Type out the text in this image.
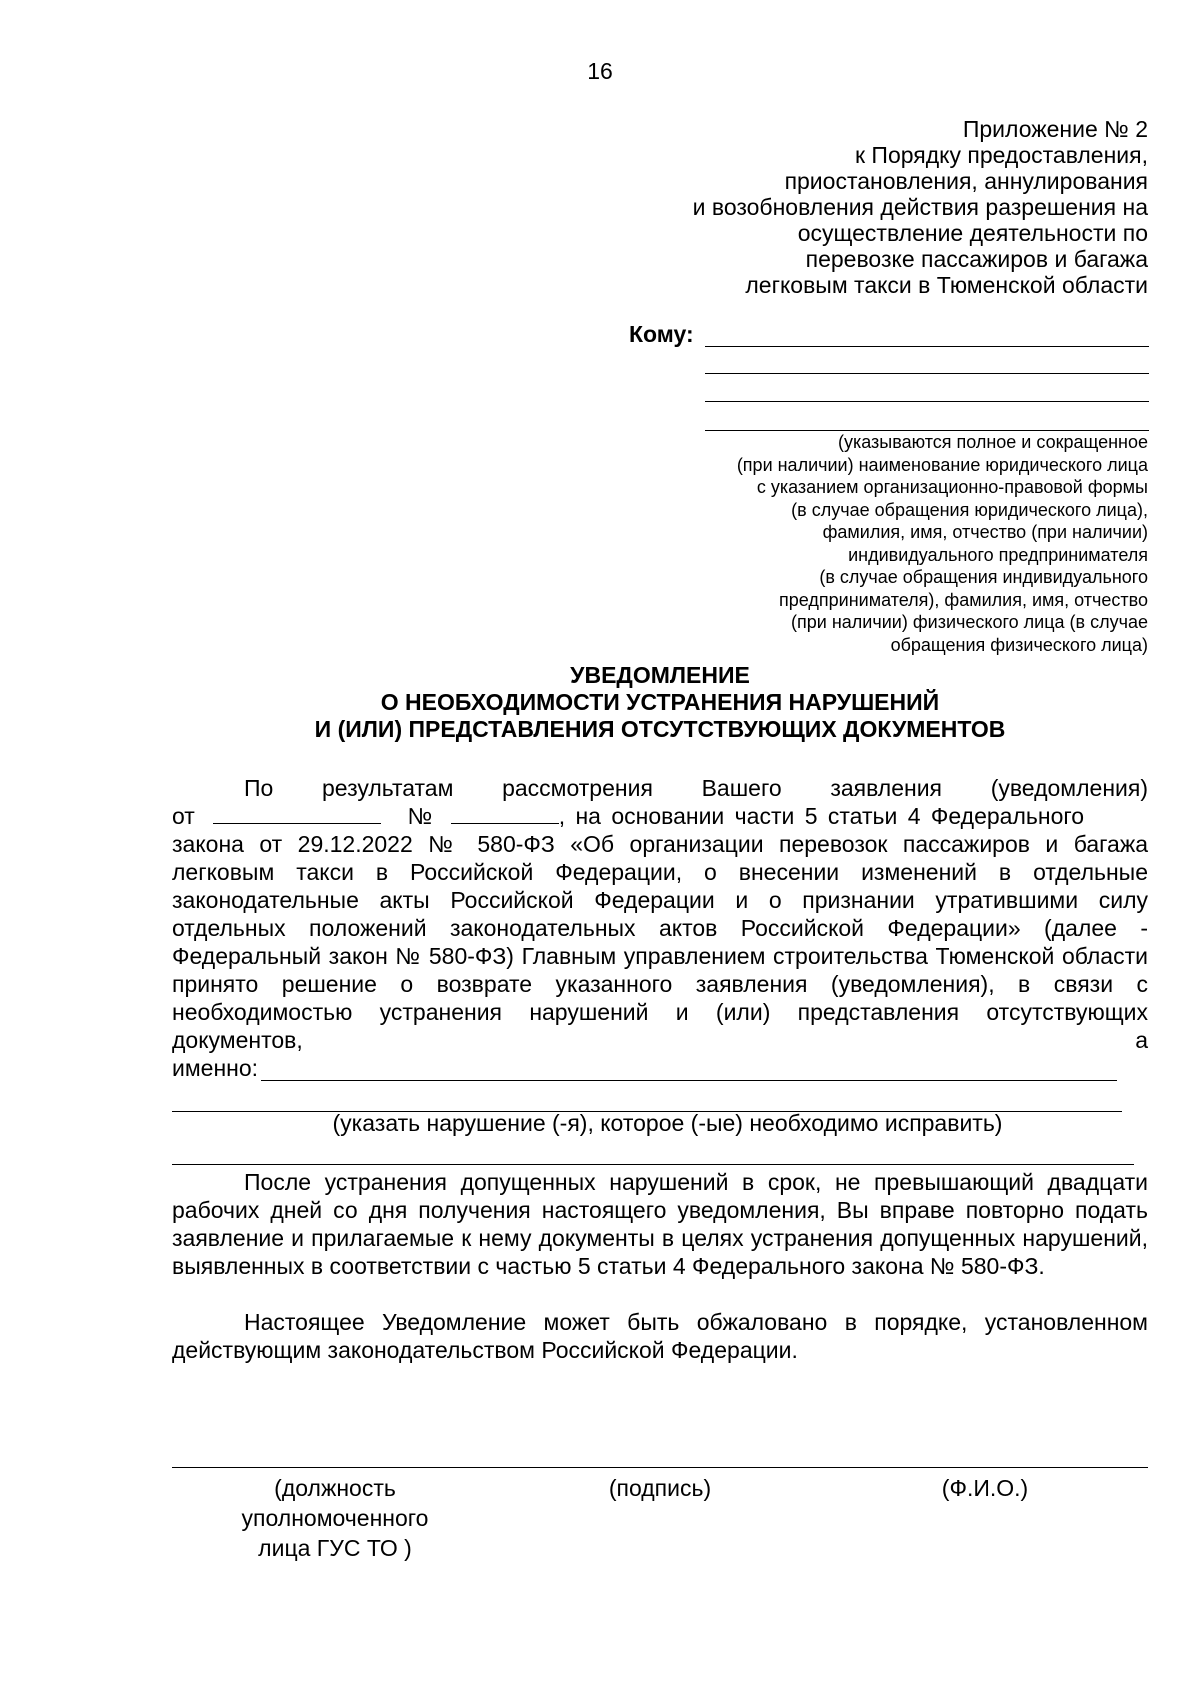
16
Приложение № 2
к Порядку предоставления,
приостановления, аннулирования
и возобновления действия разрешения на
осуществление деятельности по
перевозке пассажиров и багажа
легковым такси в Тюменской области
Кому:
(указываются полное и сокращенное
(при наличии) наименование юридического лица
с указанием организационно-правовой формы
(в случае обращения юридического лица),
фамилия, имя, отчество (при наличии)
индивидуального предпринимателя
(в случае обращения индивидуального
предпринимателя), фамилия, имя, отчество
(при наличии) физического лица (в случае
обращения физического лица)
УВЕДОМЛЕНИЕ
О НЕОБХОДИМОСТИ УСТРАНЕНИЯ НАРУШЕНИЙ
И (ИЛИ) ПРЕДСТАВЛЕНИЯ ОТСУТСТВУЮЩИХ ДОКУМЕНТОВ
По результатам рассмотрения Вашего заявления (уведомления)
от	№	, на основании части 5 статьи 4 Федерального
закона от 29.12.2022 № 580-ФЗ «Об организации перевозок пассажиров и багажа легковым такси в Российской Федерации, о внесении изменений в отдельные законодательные акты Российской Федерации и о признании утратившими силу отдельных положений законодательных актов Российской Федерации» (далее - Федеральный закон № 580-ФЗ) Главным управлением строительства Тюменской области принято решение о возврате указанного заявления (уведомления), в связи с необходимостью устранения нарушений и (или) представления отсутствующих
документов,	а
именно:
(указать нарушение (-я), которое (-ые) необходимо исправить)
После устранения допущенных нарушений в срок, не превышающий двадцати рабочих дней со дня получения настоящего уведомления, Вы вправе повторно подать заявление и прилагаемые к нему документы в целях устранения допущенных нарушений, выявленных в соответствии с частью 5 статьи 4 Федерального закона № 580-ФЗ.
Настоящее Уведомление может быть обжаловано в порядке, установленном действующим законодательством Российской Федерации.
(должность
уполномоченного
лица ГУС ТО )
(подпись)	(Ф.И.О.)
